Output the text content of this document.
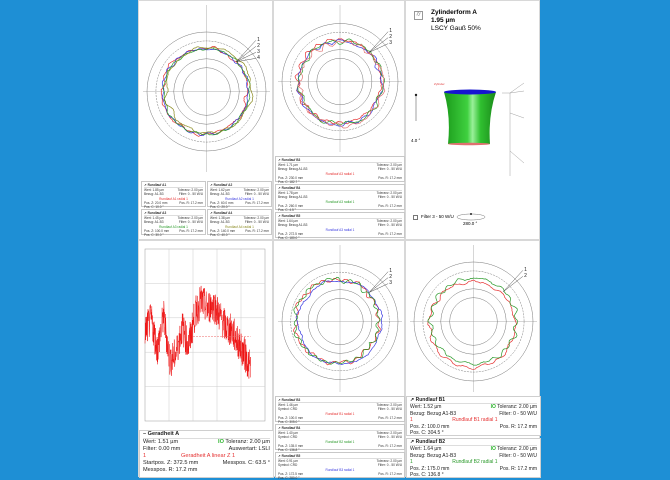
1
2
3
4
↗ Rundlauf A1
Wert: 1.85 µm	Toleranz: 2.00 µm
Bezug: A1-B3	Filter: 0 - 50 W/U
Rundlauf A1 radial 1
Pos. Z: 20.0 mm	Pos. R: 17.2 mm
Pos. C: 10.0 °
↗ Rundlauf A2
Wert: 1.62 µm	Toleranz: 2.00 µm
Bezug: A1-B3	Filter: 0 - 50 W/U
Rundlauf A2 radial 1
Pos. Z: 60.0 mm	Pos. R: 17.2 mm
Pos. C: 20.0 °
↗ Rundlauf A3
Wert: 1.45 µm	Toleranz: 2.00 µm
Bezug: A1-B3	Filter: 0 - 50 W/U
Rundlauf A3 radial 1
Pos. Z: 100.0 mm	Pos. R: 17.2 mm
Pos. C: 30.0 °
↗ Rundlauf A4
Wert: 1.38 µm	Toleranz: 2.00 µm
Bezug: A1-B3	Filter: 0 - 50 W/U
Rundlauf A4 radial 1
Pos. Z: 140.0 mm	Pos. R: 17.2 mm
Pos. C: 40.0 °
1
2
3
↗ Rundlauf B3
Wert: 1.71 µm	Toleranz: 2.00 µm
Bezug: Bezug A1-B3	Filter: 0 - 50 W/U
Rundlauf A3 radial 1
Pos. Z: 230.0 mm	Pos. R: 17.2 mm
Pos. C: 182.7 °
↗ Rundlauf B4
Wert: 1.78 µm	Toleranz: 2.00 µm
Bezug: Bezug A1-B3	Filter: 0 - 50 W/U
Rundlauf A3 radial 1
Pos. Z: 260.0 mm	Pos. R: 17.2 mm
Pos. C: 4.5 °
↗ Rundlauf B5
Wert: 1.64 µm	Toleranz: 2.00 µm
Bezug: Bezug A1-B3	Filter: 0 - 50 W/U
Rundlauf A3 radial 1
Pos. Z: 272.5 mm	Pos. R: 17.2 mm
Pos. C: 180.0 °
⌭	Zylinderform A
1.95 µm
LSCY Gauß 50%
Zylinder
4.0 °
Filter 3 - 50 W/U
280.0 °
– Geradheit A
Wert: 1.51 µm	IO Toleranz: 2.00 µm
Filter: 0.00 mm	Auswertart: LSLI
1	Geradheit A linear Z 1
Startpos. Z: 372.5 mm	Messpos. C: 63.5 °
Messpos. R: 17.2 mm
1
2
3
↗ Rundlauf B3
Wert: 1.46 µm	Toleranz: 2.00 µm
Symbol: CRD	Filter: 0 - 50 W/U
Rundlauf B1 radial 1
Pos. Z: 100.0 mm	Pos. R: 17.2 mm
Pos. C: 305.0 °
↗ Rundlauf B4
Wert: 1.40 µm	Toleranz: 2.00 µm
Symbol: CRD	Filter: 0 - 50 W/U
Rundlauf B2 radial 1
Pos. Z: 135.0 mm	Pos. R: 17.2 mm
Pos. C: 136.8 °
↗ Rundlauf B5
Wert: 0.91 µm	Toleranz: 2.00 µm
Symbol: CRD	Filter: 0 - 50 W/U
Rundlauf B3 radial 1
Pos. Z: 172.5 mm	Pos. R: 17.2 mm
Pos. C: 280.0 °
1
2
↗ Rundlauf B1
Wert: 1.52 µm	IO Toleranz: 2.00 µm
Bezug: Bezug A1-B3	Filter: 0 - 50 W/U
1	Rundlauf B1 radial 1
Pos. Z: 100.0 mm	Pos. R: 17.2 mm
Pos. C: 304.5 °
↗ Rundlauf B2
Wert: 1.64 µm	IO Toleranz: 2.00 µm
Bezug: Bezug A1-B3	Filter: 0 - 50 W/U
1	Rundlauf B2 radial 1
Pos. Z: 175.0 mm	Pos. R: 17.2 mm
Pos. C: 136.8 °
